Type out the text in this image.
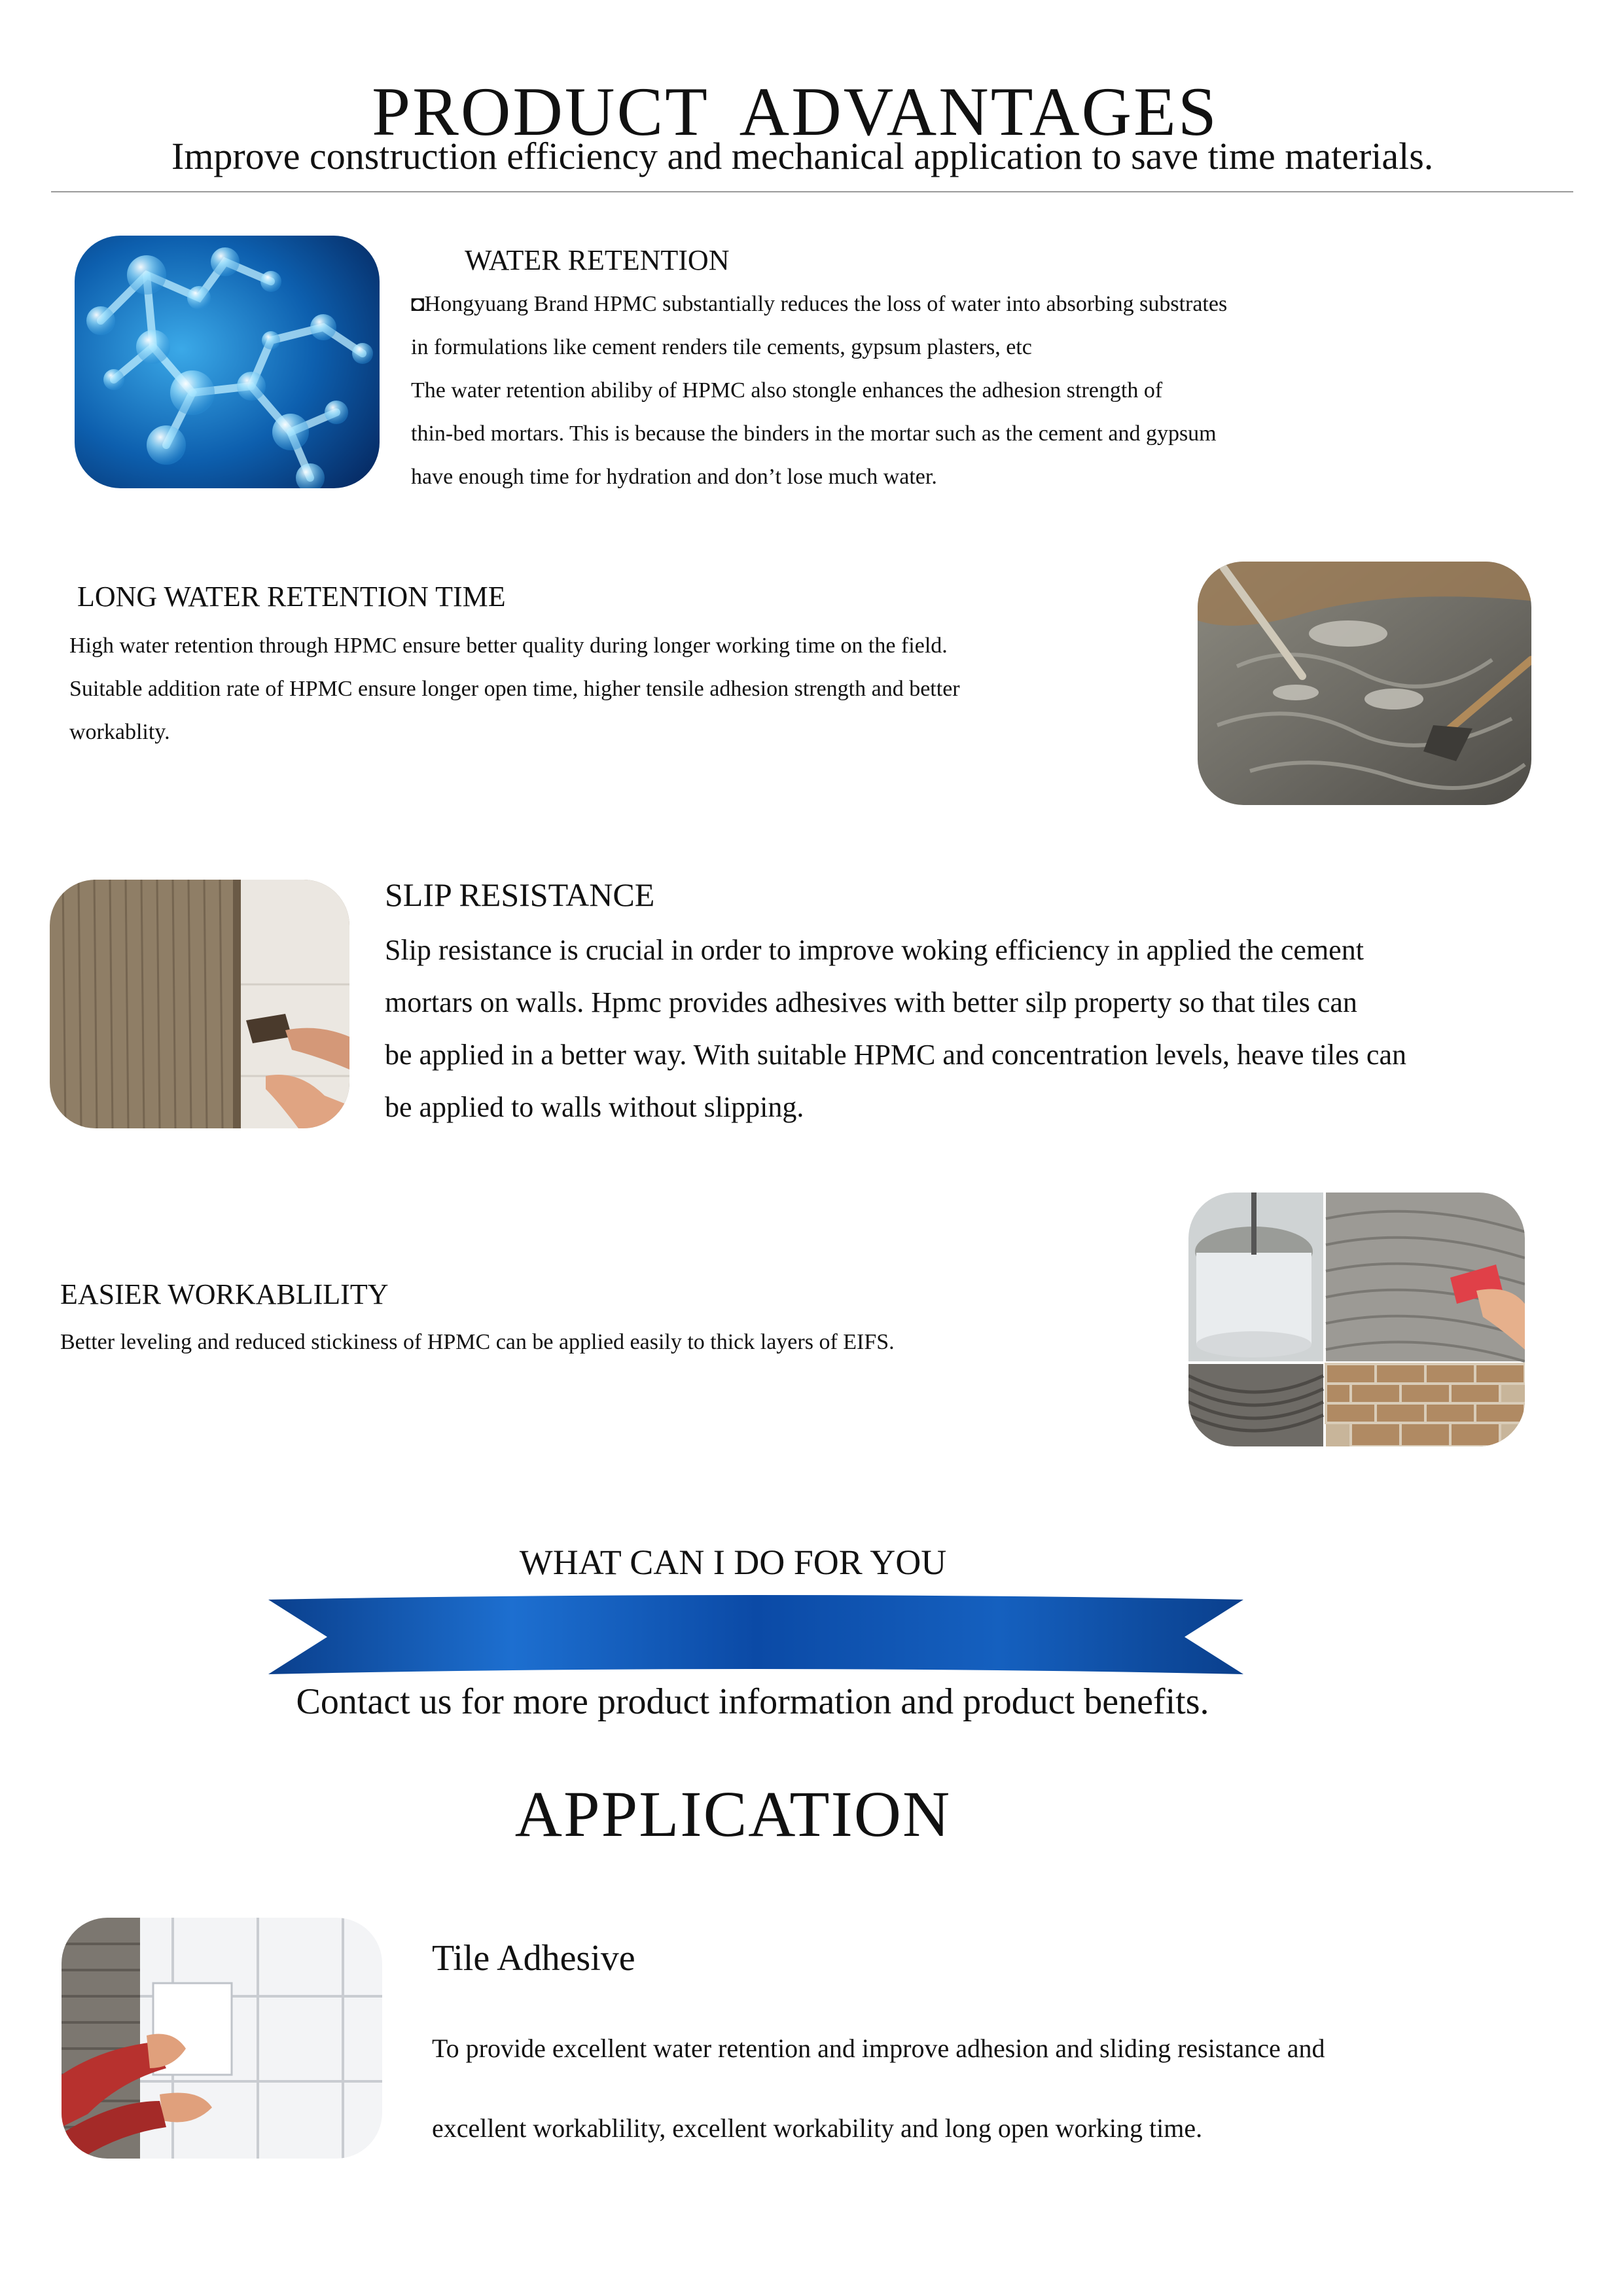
PRODUCT ADVANTAGES
Improve construction efficiency and mechanical application to save time materials.
WATER RETENTION
◘Hongyuang Brand HPMC substantially reduces the loss of water into absorbing substrates
in formulations like cement renders tile cements, gypsum plasters, etc
The water retention abiliby of HPMC also stongle enhances the adhesion strength of
thin-bed mortars. This is because the binders in the mortar such as the cement and gypsum
have enough time for hydration and don’t lose much water.
LONG WATER RETENTION TIME
High water retention through HPMC ensure better quality during longer working time on the field.
Suitable addition rate of HPMC ensure longer open time, higher tensile adhesion strength and better
workablity.
SLIP RESISTANCE
Slip resistance is crucial in order to improve woking efficiency in applied the cement
mortars on walls. Hpmc provides adhesives with better silp property so that tiles can
be applied in a better way. With suitable HPMC and concentration levels, heave tiles can
be applied to walls without slipping.
EASIER WORKABLILITY
Better leveling and reduced stickiness of HPMC can be applied easily to thick layers of EIFS.
WHAT CAN I DO FOR YOU
Contact us for more product information and product benefits.
APPLICATION
Tile Adhesive
To provide excellent water retention and improve adhesion and sliding resistance and
excellent workablility, excellent workability and long open working time.
